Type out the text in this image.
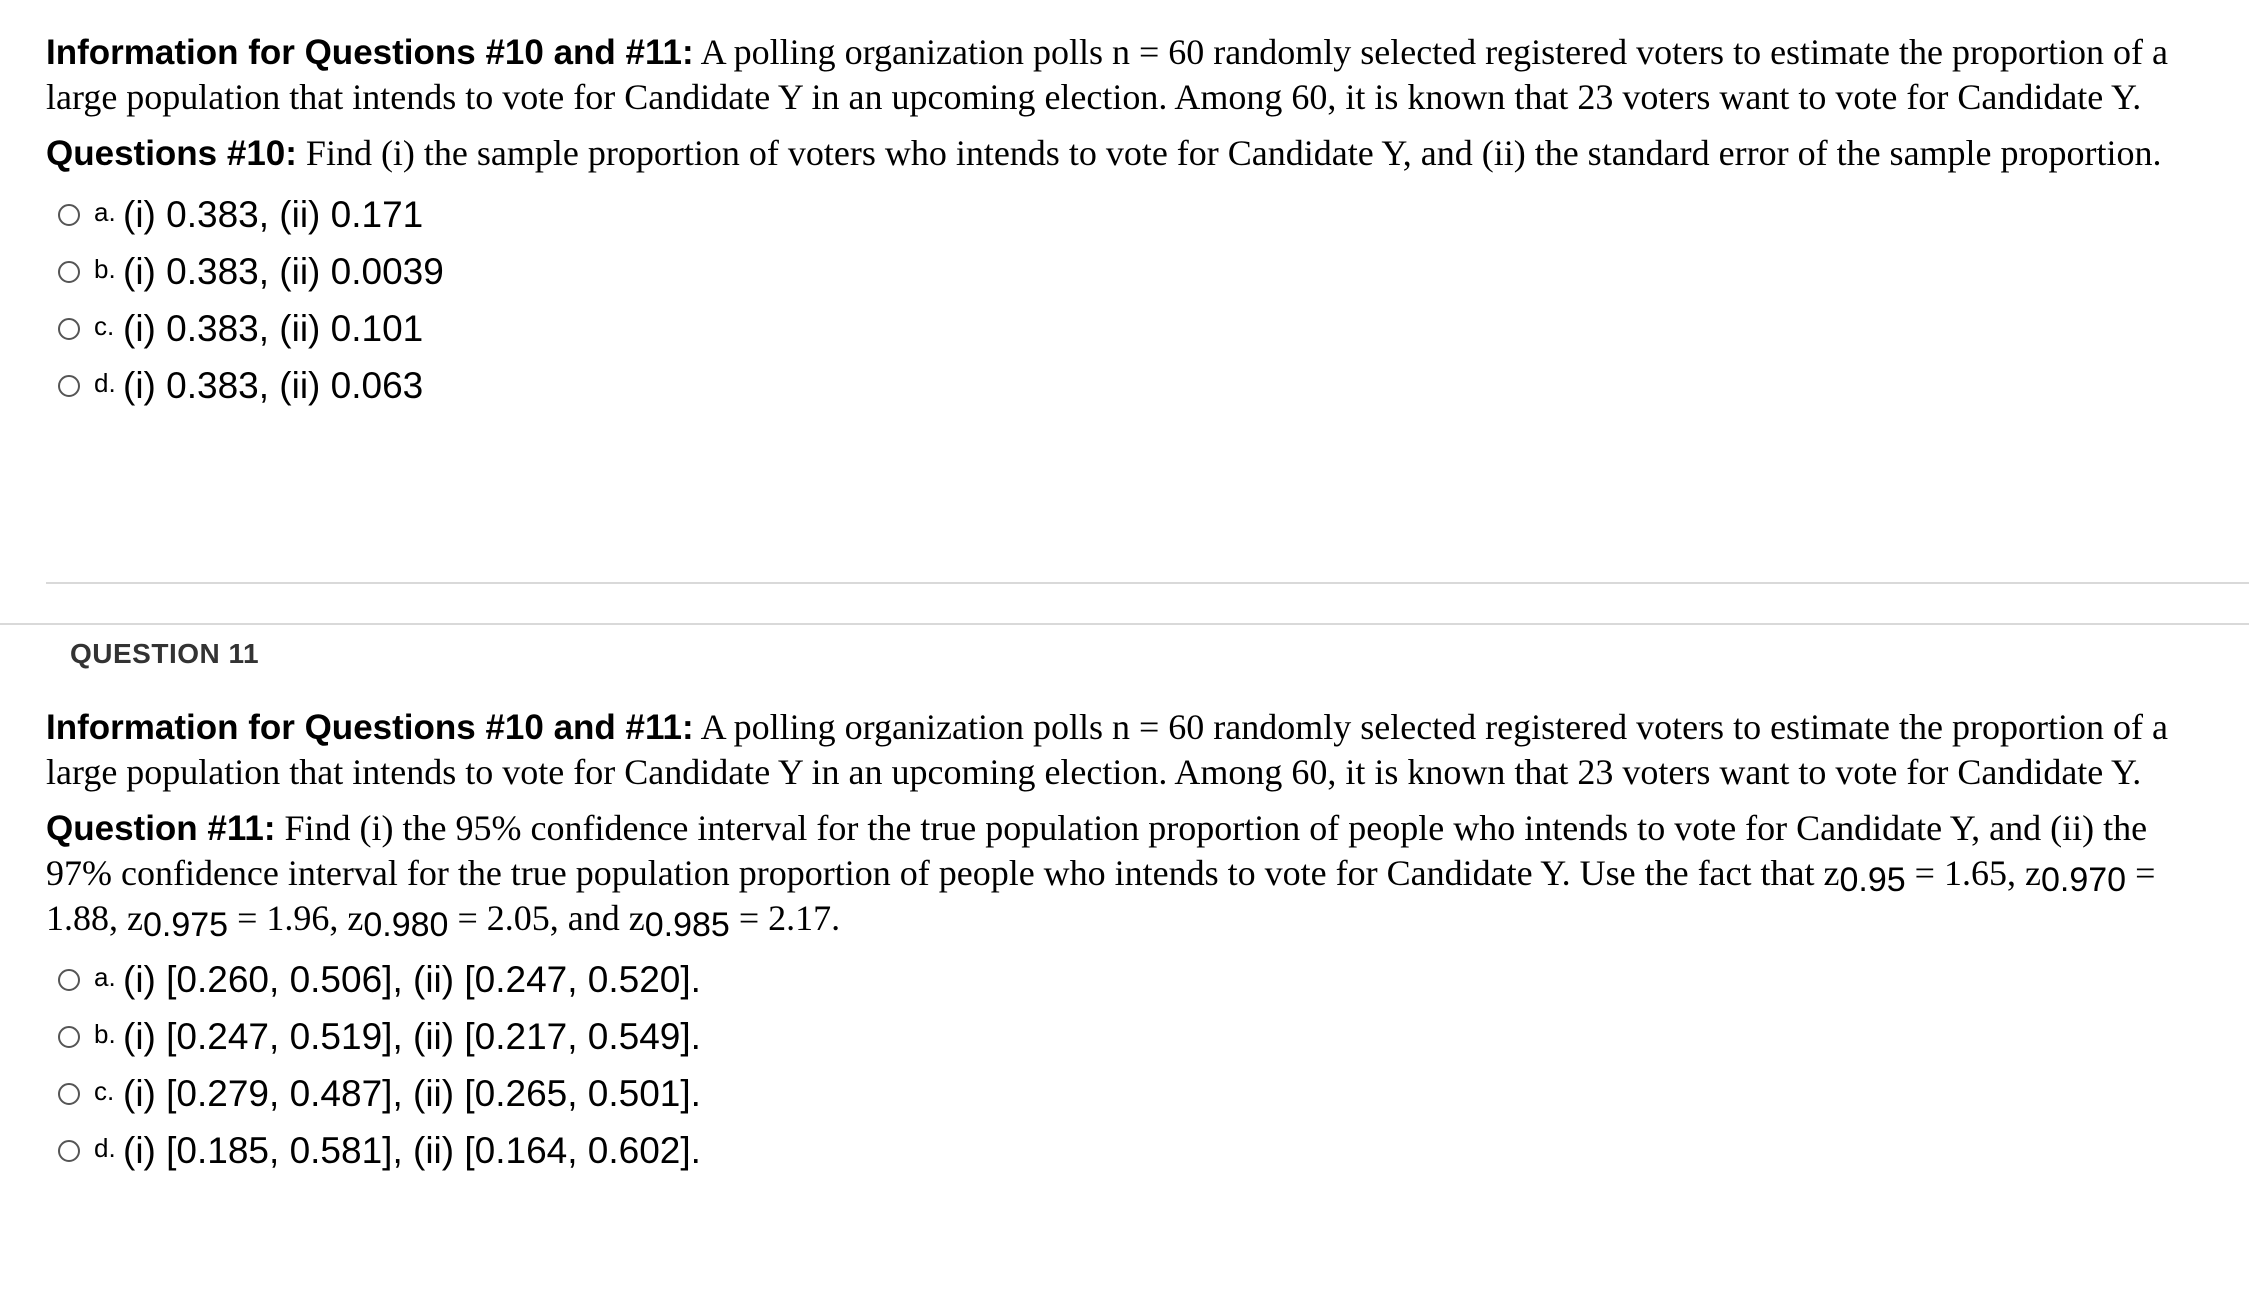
Information for Questions #10 and #11: A polling organization polls n = 60 randomly selected registered voters to estimate the proportion of a large population that intends to vote for Candidate Y in an upcoming election. Among 60, it is known that 23 voters want to vote for Candidate Y.

Questions #10: Find (i) the sample proportion of voters who intends to vote for Candidate Y, and (ii) the standard error of the sample proportion.

a. (i) 0.383, (ii) 0.171
b. (i) 0.383, (ii) 0.0039
c. (i) 0.383, (ii) 0.101
d. (i) 0.383, (ii) 0.063
QUESTION 11

Information for Questions #10 and #11: A polling organization polls n = 60 randomly selected registered voters to estimate the proportion of a large population that intends to vote for Candidate Y in an upcoming election. Among 60, it is known that 23 voters want to vote for Candidate Y.

Question #11: Find (i) the 95% confidence interval for the true population proportion of people who intends to vote for Candidate Y, and (ii) the 97% confidence interval for the true population proportion of people who intends to vote for Candidate Y. Use the fact that z0.95 = 1.65, z0.970 = 1.88, z0.975 = 1.96, z0.980 = 2.05, and z0.985 = 2.17.

a. (i) [0.260, 0.506], (ii) [0.247, 0.520].
b. (i) [0.247, 0.519], (ii) [0.217, 0.549].
c. (i) [0.279, 0.487], (ii) [0.265, 0.501].
d. (i) [0.185, 0.581], (ii) [0.164, 0.602].
